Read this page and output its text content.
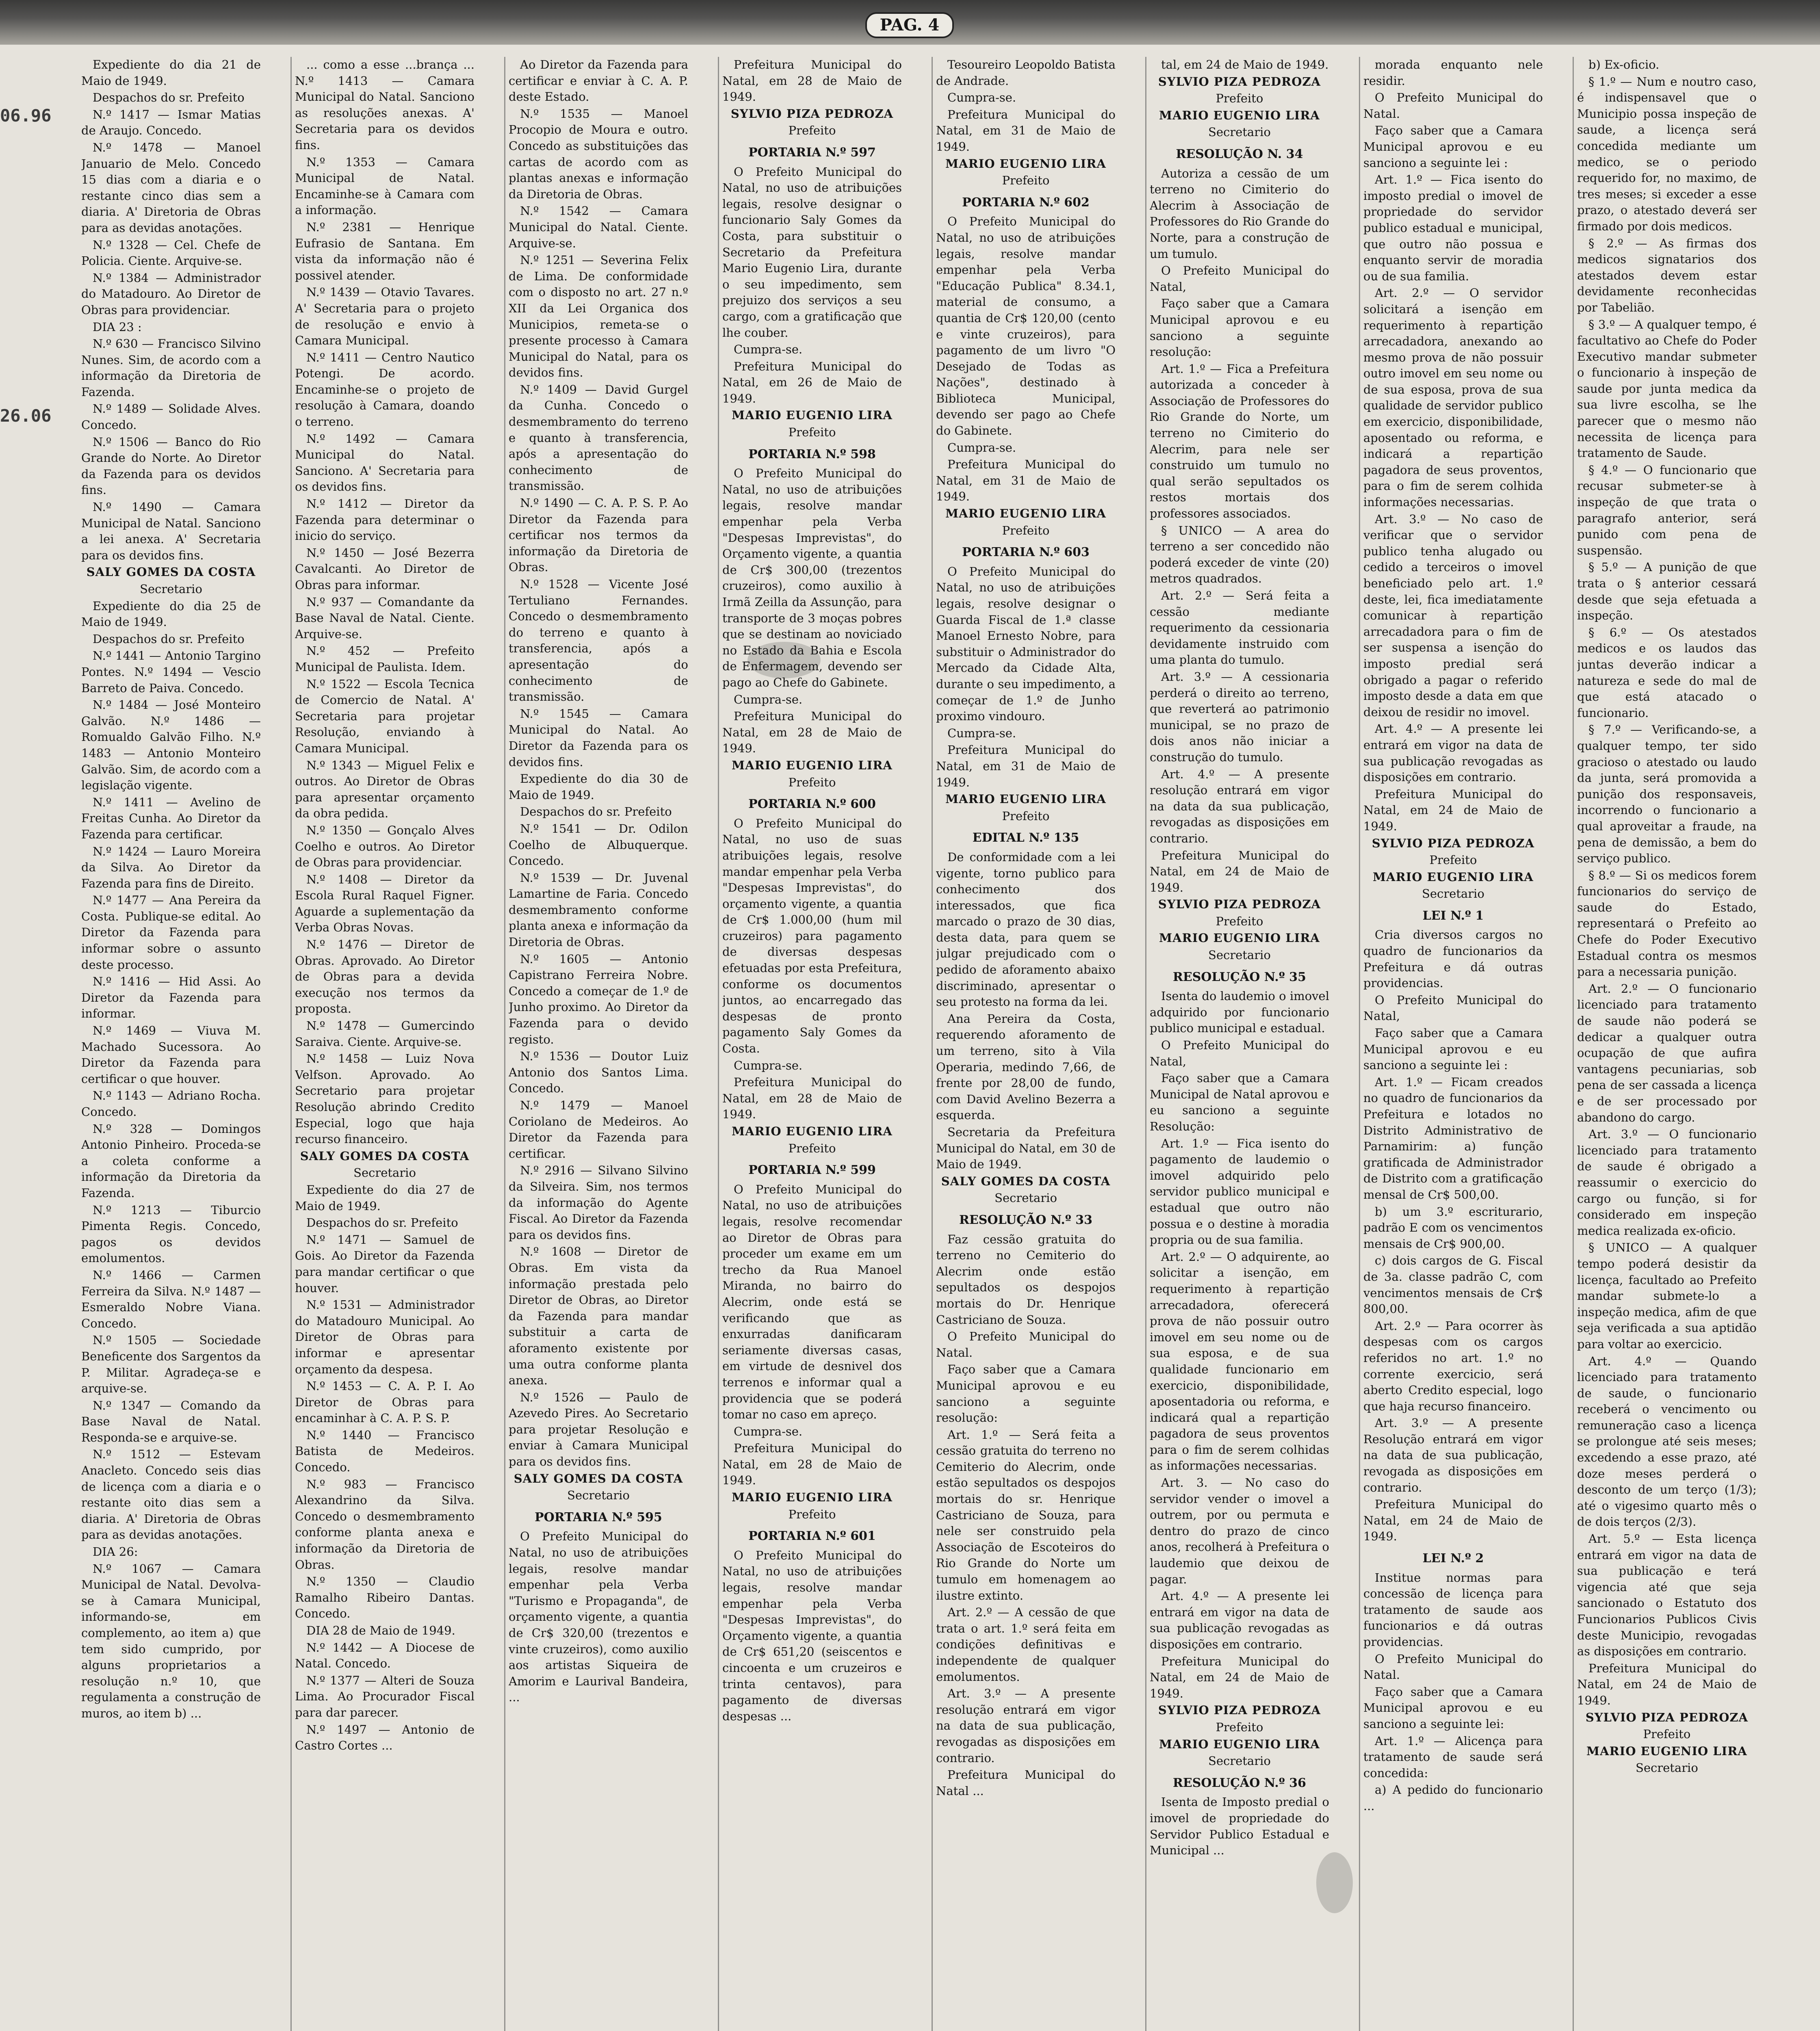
PAG. 4
06.96
26.06

Expediente do dia 21 de Maio de 1949.

Despachos do sr. Prefeito

N.º 1417 — Ismar Matias de Araujo. Concedo.

N.º 1478 — Manoel Januario de Melo. Concedo 15 dias com a diaria e o restante cinco dias sem a diaria. A' Diretoria de Obras para as devidas anotações.

N.º 1328 — Cel. Chefe de Policia. Ciente. Arquive-se.

N.º 1384 — Administrador do Matadouro. Ao Diretor de Obras para providenciar.

DIA 23 :

N.º 630 — Francisco Silvino Nunes. Sim, de acordo com a informação da Diretoria de Fazenda.

N.º 1489 — Solidade Alves. Concedo.

N.º 1506 — Banco do Rio Grande do Norte. Ao Diretor da Fazenda para os devidos fins.

N.º 1490 — Camara Municipal de Natal. Sanciono a lei anexa. A' Secretaria para os devidos fins.

SALY GOMES DA COSTA

Secretario

Expediente do dia 25 de Maio de 1949.

Despachos do sr. Prefeito

N.º 1441 — Antonio Targino Pontes. N.º 1494 — Vescio Barreto de Paiva. Concedo.

N.º 1484 — José Monteiro Galvão. N.º 1486 — Romualdo Galvão Filho. N.º 1483 — Antonio Monteiro Galvão. Sim, de acordo com a legislação vigente.

N.º 1411 — Avelino de Freitas Cunha. Ao Diretor da Fazenda para certificar.

N.º 1424 — Lauro Moreira da Silva. Ao Diretor da Fazenda para fins de Direito.

N.º 1477 — Ana Pereira da Costa. Publique-se edital. Ao Diretor da Fazenda para informar sobre o assunto deste processo.

N.º 1416 — Hid Assi. Ao Diretor da Fazenda para informar.

N.º 1469 — Viuva M. Machado Sucessora. Ao Diretor da Fazenda para certificar o que houver.

N.º 1143 — Adriano Rocha. Concedo.

N.º 328 — Domingos Antonio Pinheiro. Proceda-se a coleta conforme a informação da Diretoria da Fazenda.

N.º 1213 — Tiburcio Pimenta Regis. Concedo, pagos os devidos emolumentos.

N.º 1466 — Carmen Ferreira da Silva. N.º 1487 — Esmeraldo Nobre Viana. Concedo.

N.º 1505 — Sociedade Beneficente dos Sargentos da P. Militar. Agradeça-se e arquive-se.

N.º 1347 — Comando da Base Naval de Natal. Responda-se e arquive-se.

N.º 1512 — Estevam Anacleto. Concedo seis dias de licença com a diaria e o restante oito dias sem a diaria. A' Diretoria de Obras para as devidas anotações.

DIA 26:

N.º 1067 — Camara Municipal de Natal. Devolva-se à Camara Municipal, informando-se, em complemento, ao item a) que tem sido cumprido, por alguns proprietarios a resolução n.º 10, que regulamenta a construção de muros, ao item b) ...

... como a esse ...brança ... N.º 1413 — Camara Municipal do Natal. Sanciono as resoluções anexas. A' Secretaria para os devidos fins.

N.º 1353 — Camara Municipal de Natal. Encaminhe-se à Camara com a informação.

N.º 2381 — Henrique Eufrasio de Santana. Em vista da informação não é possivel atender.

N.º 1439 — Otavio Tavares. A' Secretaria para o projeto de resolução e envio à Camara Municipal.

N.º 1411 — Centro Nautico Potengi. De acordo. Encaminhe-se o projeto de resolução à Camara, doando o terreno.

N.º 1492 — Camara Municipal do Natal. Sanciono. A' Secretaria para os devidos fins.

N.º 1412 — Diretor da Fazenda para determinar o inicio do serviço.

N.º 1450 — José Bezerra Cavalcanti. Ao Diretor de Obras para informar.

N.º 937 — Comandante da Base Naval de Natal. Ciente. Arquive-se.

N.º 452 — Prefeito Municipal de Paulista. Idem.

N.º 1522 — Escola Tecnica de Comercio de Natal. A' Secretaria para projetar Resolução, enviando à Camara Municipal.

N.º 1343 — Miguel Felix e outros. Ao Diretor de Obras para apresentar orçamento da obra pedida.

N.º 1350 — Gonçalo Alves Coelho e outros. Ao Diretor de Obras para providenciar.

N.º 1408 — Diretor da Escola Rural Raquel Figner. Aguarde a suplementação da Verba Obras Novas.

N.º 1476 — Diretor de Obras. Aprovado. Ao Diretor de Obras para a devida execução nos termos da proposta.

N.º 1478 — Gumercindo Saraiva. Ciente. Arquive-se.

N.º 1458 — Luiz Nova Velfson. Aprovado. Ao Secretario para projetar Resolução abrindo Credito Especial, logo que haja recurso financeiro.

SALY GOMES DA COSTA

Secretario

Expediente do dia 27 de Maio de 1949.

Despachos do sr. Prefeito

N.º 1471 — Samuel de Gois. Ao Diretor da Fazenda para mandar certificar o que houver.

N.º 1531 — Administrador do Matadouro Municipal. Ao Diretor de Obras para informar e apresentar orçamento da despesa.

N.º 1453 — C. A. P. I. Ao Diretor de Obras para encaminhar à C. A. P. S. P.

N.º 1440 — Francisco Batista de Medeiros. Concedo.

N.º 983 — Francisco Alexandrino da Silva. Concedo o desmembramento conforme planta anexa e informação da Diretoria de Obras.

N.º 1350 — Claudio Ramalho Ribeiro Dantas. Concedo.

DIA 28 de Maio de 1949.

N.º 1442 — A Diocese de Natal. Concedo.

N.º 1377 — Alteri de Souza Lima. Ao Procurador Fiscal para dar parecer.

N.º 1497 — Antonio de Castro Cortes ...

Ao Diretor da Fazenda para certificar e enviar à C. A. P. deste Estado.

N.º 1535 — Manoel Procopio de Moura e outro. Concedo as substituições das cartas de acordo com as plantas anexas e informação da Diretoria de Obras.

N.º 1542 — Camara Municipal do Natal. Ciente. Arquive-se.

N.º 1251 — Severina Felix de Lima. De conformidade com o disposto no art. 27 n.º XII da Lei Organica dos Municipios, remeta-se o presente processo à Camara Municipal do Natal, para os devidos fins.

N.º 1409 — David Gurgel da Cunha. Concedo o desmembramento do terreno e quanto à transferencia, após a apresentação do conhecimento de transmissão.

N.º 1490 — C. A. P. S. P. Ao Diretor da Fazenda para certificar nos termos da informação da Diretoria de Obras.

N.º 1528 — Vicente José Tertuliano Fernandes. Concedo o desmembramento do terreno e quanto à transferencia, após a apresentação do conhecimento de transmissão.

N.º 1545 — Camara Municipal do Natal. Ao Diretor da Fazenda para os devidos fins.

Expediente do dia 30 de Maio de 1949.

Despachos do sr. Prefeito

N.º 1541 — Dr. Odilon Coelho de Albuquerque. Concedo.

N.º 1539 — Dr. Juvenal Lamartine de Faria. Concedo desmembramento conforme planta anexa e informação da Diretoria de Obras.

N.º 1605 — Antonio Capistrano Ferreira Nobre. Concedo a começar de 1.º de Junho proximo. Ao Diretor da Fazenda para o devido registo.

N.º 1536 — Doutor Luiz Antonio dos Santos Lima. Concedo.

N.º 1479 — Manoel Coriolano de Medeiros. Ao Diretor da Fazenda para certificar.

N.º 2916 — Silvano Silvino da Silveira. Sim, nos termos da informação do Agente Fiscal. Ao Diretor da Fazenda para os devidos fins.

N.º 1608 — Diretor de Obras. Em vista da informação prestada pelo Diretor de Obras, ao Diretor da Fazenda para mandar substituir a carta de aforamento existente por uma outra conforme planta anexa.

N.º 1526 — Paulo de Azevedo Pires. Ao Secretario para projetar Resolução e enviar à Camara Municipal para os devidos fins.

SALY GOMES DA COSTA

Secretario

PORTARIA N.º 595

O Prefeito Municipal do Natal, no uso de atribuições legais, resolve mandar empenhar pela Verba "Turismo e Propaganda", de orçamento vigente, a quantia de Cr$ 320,00 (trezentos e vinte cruzeiros), como auxilio aos artistas Siqueira de Amorim e Laurival Bandeira, ...

Prefeitura Municipal do Natal, em 28 de Maio de 1949.

SYLVIO PIZA PEDROZA

Prefeito

PORTARIA N.º 597

O Prefeito Municipal do Natal, no uso de atribuições legais, resolve designar o funcionario Saly Gomes da Costa, para substituir o Secretario da Prefeitura Mario Eugenio Lira, durante o seu impedimento, sem prejuizo dos serviços a seu cargo, com a gratificação que lhe couber.

Cumpra-se.

Prefeitura Municipal do Natal, em 26 de Maio de 1949.

MARIO EUGENIO LIRA

Prefeito

PORTARIA N.º 598

O Prefeito Municipal do Natal, no uso de atribuições legais, resolve mandar empenhar pela Verba "Despesas Imprevistas", do Orçamento vigente, a quantia de Cr$ 300,00 (trezentos cruzeiros), como auxilio à Irmã Zeilla da Assunção, para transporte de 3 moças pobres que se destinam ao noviciado no Estado da Bahia e Escola de Enfermagem, devendo ser pago ao Chefe do Gabinete.

Cumpra-se.

Prefeitura Municipal do Natal, em 28 de Maio de 1949.

MARIO EUGENIO LIRA

Prefeito

PORTARIA N.º 600

O Prefeito Municipal do Natal, no uso de suas atribuições legais, resolve mandar empenhar pela Verba "Despesas Imprevistas", do orçamento vigente, a quantia de Cr$ 1.000,00 (hum mil cruzeiros) para pagamento de diversas despesas efetuadas por esta Prefeitura, conforme os documentos juntos, ao encarregado das despesas de pronto pagamento Saly Gomes da Costa.

Cumpra-se.

Prefeitura Municipal do Natal, em 28 de Maio de 1949.

MARIO EUGENIO LIRA

Prefeito

PORTARIA N.º 599

O Prefeito Municipal do Natal, no uso de atribuições legais, resolve recomendar ao Diretor de Obras para proceder um exame em um trecho da Rua Manoel Miranda, no bairro do Alecrim, onde está se verificando que as enxurradas danificaram seriamente diversas casas, em virtude de desnivel dos terrenos e informar qual a providencia que se poderá tomar no caso em apreço.

Cumpra-se.

Prefeitura Municipal do Natal, em 28 de Maio de 1949.

MARIO EUGENIO LIRA

Prefeito

PORTARIA N.º 601

O Prefeito Municipal do Natal, no uso de atribuições legais, resolve mandar empenhar pela Verba "Despesas Imprevistas", do Orçamento vigente, a quantia de Cr$ 651,20 (seiscentos e cincoenta e um cruzeiros e trinta centavos), para pagamento de diversas despesas ...

Tesoureiro Leopoldo Batista de Andrade.

Cumpra-se.

Prefeitura Municipal do Natal, em 31 de Maio de 1949.

MARIO EUGENIO LIRA

Prefeito

PORTARIA N.º 602

O Prefeito Municipal do Natal, no uso de atribuições legais, resolve mandar empenhar pela Verba "Educação Publica" 8.34.1, material de consumo, a quantia de Cr$ 120,00 (cento e vinte cruzeiros), para pagamento de um livro "O Desejado de Todas as Nações", destinado à Biblioteca Municipal, devendo ser pago ao Chefe do Gabinete.

Cumpra-se.

Prefeitura Municipal do Natal, em 31 de Maio de 1949.

MARIO EUGENIO LIRA

Prefeito

PORTARIA N.º 603

O Prefeito Municipal do Natal, no uso de atribuições legais, resolve designar o Guarda Fiscal de 1.ª classe Manoel Ernesto Nobre, para substituir o Administrador do Mercado da Cidade Alta, durante o seu impedimento, a começar de 1.º de Junho proximo vindouro.

Cumpra-se.

Prefeitura Municipal do Natal, em 31 de Maio de 1949.

MARIO EUGENIO LIRA

Prefeito

EDITAL N.º 135

De conformidade com a lei vigente, torno publico para conhecimento dos interessados, que fica marcado o prazo de 30 dias, desta data, para quem se julgar prejudicado com o pedido de aforamento abaixo discriminado, apresentar o seu protesto na forma da lei.

Ana Pereira da Costa, requerendo aforamento de um terreno, sito à Vila Operaria, medindo 7,66, de frente por 28,00 de fundo, com David Avelino Bezerra a esquerda.

Secretaria da Prefeitura Municipal do Natal, em 30 de Maio de 1949.

SALY GOMES DA COSTA

Secretario

RESOLUÇÃO N.º 33

Faz cessão gratuita do terreno no Cemiterio do Alecrim onde estão sepultados os despojos mortais do Dr. Henrique Castriciano de Souza.

O Prefeito Municipal do Natal.

Faço saber que a Camara Municipal aprovou e eu sanciono a seguinte resolução:

Art. 1.º — Será feita a cessão gratuita do terreno no Cemiterio do Alecrim, onde estão sepultados os despojos mortais do sr. Henrique Castriciano de Souza, para nele ser construido pela Associação de Escoteiros do Rio Grande do Norte um tumulo em homenagem ao ilustre extinto.

Art. 2.º — A cessão de que trata o art. 1.º será feita em condições definitivas e independente de qualquer emolumentos.

Art. 3.º — A presente resolução entrará em vigor na data de sua publicação, revogadas as disposições em contrario.

Prefeitura Municipal do Natal ...

tal, em 24 de Maio de 1949.

SYLVIO PIZA PEDROZA

Prefeito

MARIO EUGENIO LIRA

Secretario

RESOLUÇÃO N. 34

Autoriza a cessão de um terreno no Cimiterio do Alecrim à Associação de Professores do Rio Grande do Norte, para a construção de um tumulo.

O Prefeito Municipal do Natal,

Faço saber que a Camara Municipal aprovou e eu sanciono a seguinte resolução:

Art. 1.º — Fica a Prefeitura autorizada a conceder à Associação de Professores do Rio Grande do Norte, um terreno no Cimiterio do Alecrim, para nele ser construido um tumulo no qual serão sepultados os restos mortais dos professores associados.

§ UNICO — A area do terreno a ser concedido não poderá exceder de vinte (20) metros quadrados.

Art. 2.º — Será feita a cessão mediante requerimento da cessionaria devidamente instruido com uma planta do tumulo.

Art. 3.º — A cessionaria perderá o direito ao terreno, que reverterá ao patrimonio municipal, se no prazo de dois anos não iniciar a construção do tumulo.

Art. 4.º — A presente resolução entrará em vigor na data da sua publicação, revogadas as disposições em contrario.

Prefeitura Municipal do Natal, em 24 de Maio de 1949.

SYLVIO PIZA PEDROZA

Prefeito

MARIO EUGENIO LIRA

Secretario

RESOLUÇÃO N.º 35

Isenta do laudemio o imovel adquirido por funcionario publico municipal e estadual.

O Prefeito Municipal do Natal,

Faço saber que a Camara Municipal de Natal aprovou e eu sanciono a seguinte Resolução:

Art. 1.º — Fica isento do pagamento de laudemio o imovel adquirido pelo servidor publico municipal e estadual que outro não possua e o destine à moradia propria ou de sua familia.

Art. 2.º — O adquirente, ao solicitar a isenção, em requerimento à repartição arrecadadora, oferecerá prova de não possuir outro imovel em seu nome ou de sua esposa, e de sua qualidade funcionario em exercicio, disponibilidade, aposentadoria ou reforma, e indicará qual a repartição pagadora de seus proventos para o fim de serem colhidas as informações necessarias.

Art. 3. — No caso do servidor vender o imovel a outrem, por ou permuta e dentro do prazo de cinco anos, recolherá à Prefeitura o laudemio que deixou de pagar.

Art. 4.º — A presente lei entrará em vigor na data de sua publicação revogadas as disposições em contrario.

Prefeitura Municipal do Natal, em 24 de Maio de 1949.

SYLVIO PIZA PEDROZA

Prefeito

MARIO EUGENIO LIRA

Secretario

RESOLUÇÃO N.º 36

Isenta de Imposto predial o imovel de propriedade do Servidor Publico Estadual e Municipal ...

morada enquanto nele residir.

O Prefeito Municipal do Natal.

Faço saber que a Camara Municipal aprovou e eu sanciono a seguinte lei :

Art. 1.º — Fica isento do imposto predial o imovel de propriedade do servidor publico estadual e municipal, que outro não possua e enquanto servir de moradia ou de sua familia.

Art. 2.º — O servidor solicitará a isenção em requerimento à repartição arrecadadora, anexando ao mesmo prova de não possuir outro imovel em seu nome ou de sua esposa, prova de sua qualidade de servidor publico em exercicio, disponibilidade, aposentado ou reforma, e indicará a repartição pagadora de seus proventos, para o fim de serem colhida informações necessarias.

Art. 3.º — No caso de verificar que o servidor publico tenha alugado ou cedido a terceiros o imovel beneficiado pelo art. 1.º deste, lei, fica imediatamente comunicar à repartição arrecadadora para o fim de ser suspensa a isenção do imposto predial será obrigado a pagar o referido imposto desde a data em que deixou de residir no imovel.

Art. 4.º — A presente lei entrará em vigor na data de sua publicação revogadas as disposições em contrario.

Prefeitura Municipal do Natal, em 24 de Maio de 1949.

SYLVIO PIZA PEDROZA

Prefeito

MARIO EUGENIO LIRA

Secretario

LEI N.º 1

Cria diversos cargos no quadro de funcionarios da Prefeitura e dá outras providencias.

O Prefeito Municipal do Natal,

Faço saber que a Camara Municipal aprovou e eu sanciono a seguinte lei :

Art. 1.º — Ficam creados no quadro de funcionarios da Prefeitura e lotados no Distrito Administrativo de Parnamirim: a) função gratificada de Administrador de Distrito com a gratificação mensal de Cr$ 500,00.

b) um 3.º escriturario, padrão E com os vencimentos mensais de Cr$ 900,00.

c) dois cargos de G. Fiscal de 3a. classe padrão C, com vencimentos mensais de Cr$ 800,00.

Art. 2.º — Para ocorrer às despesas com os cargos referidos no art. 1.º no corrente exercicio, será aberto Credito especial, logo que haja recurso financeiro.

Art. 3.º — A presente Resolução entrará em vigor na data de sua publicação, revogada as disposições em contrario.

Prefeitura Municipal do Natal, em 24 de Maio de 1949.

LEI N.º 2

Institue normas para concessão de licença para tratamento de saude aos funcionarios e dá outras providencias.

O Prefeito Municipal do Natal.

Faço saber que a Camara Municipal aprovou e eu sanciono a seguinte lei:

Art. 1.º — Alicença para tratamento de saude será concedida:

a) A pedido do funcionario ...

b) Ex-oficio.

§ 1.º — Num e noutro caso, é indispensavel que o Municipio possa inspeção de saude, a licença será concedida mediante um medico, se o periodo requerido for, no maximo, de tres meses; si exceder a esse prazo, o atestado deverá ser firmado por dois medicos.

§ 2.º — As firmas dos medicos signatarios dos atestados devem estar devidamente reconhecidas por Tabelião.

§ 3.º — A qualquer tempo, é facultativo ao Chefe do Poder Executivo mandar submeter o funcionario à inspeção de saude por junta medica da sua livre escolha, se lhe parecer que o mesmo não necessita de licença para tratamento de Saude.

§ 4.º — O funcionario que recusar submeter-se à inspeção de que trata o paragrafo anterior, será punido com pena de suspensão.

§ 5.º — A punição de que trata o § anterior cessará desde que seja efetuada a inspeção.

§ 6.º — Os atestados medicos e os laudos das juntas deverão indicar a natureza e sede do mal de que está atacado o funcionario.

§ 7.º — Verificando-se, a qualquer tempo, ter sido gracioso o atestado ou laudo da junta, será promovida a punição dos responsaveis, incorrendo o funcionario a qual aproveitar a fraude, na pena de demissão, a bem do serviço publico.

§ 8.º — Si os medicos forem funcionarios do serviço de saude do Estado, representará o Prefeito ao Chefe do Poder Executivo Estadual contra os mesmos para a necessaria punição.

Art. 2.º — O funcionario licenciado para tratamento de saude não poderá se dedicar a qualquer outra ocupação de que aufira vantagens pecuniarias, sob pena de ser cassada a licença e de ser processado por abandono do cargo.

Art. 3.º — O funcionario licenciado para tratamento de saude é obrigado a reassumir o exercicio do cargo ou função, si for considerado em inspeção medica realizada ex-oficio.

§ UNICO — A qualquer tempo poderá desistir da licença, facultado ao Prefeito mandar submete-lo a inspeção medica, afim de que seja verificada a sua aptidão para voltar ao exercicio.

Art. 4.º — Quando licenciado para tratamento de saude, o funcionario receberá o vencimento ou remuneração caso a licença se prolongue até seis meses; excedendo a esse prazo, até doze meses perderá o desconto de um terço (1/3); até o vigesimo quarto mês o de dois terços (2/3).

Art. 5.º — Esta licença entrará em vigor na data de sua publicação e terá vigencia até que seja sancionado o Estatuto dos Funcionarios Publicos Civis deste Municipio, revogadas as disposições em contrario.

Prefeitura Municipal do Natal, em 24 de Maio de 1949.

SYLVIO PIZA PEDROZA

Prefeito

MARIO EUGENIO LIRA

Secretario
